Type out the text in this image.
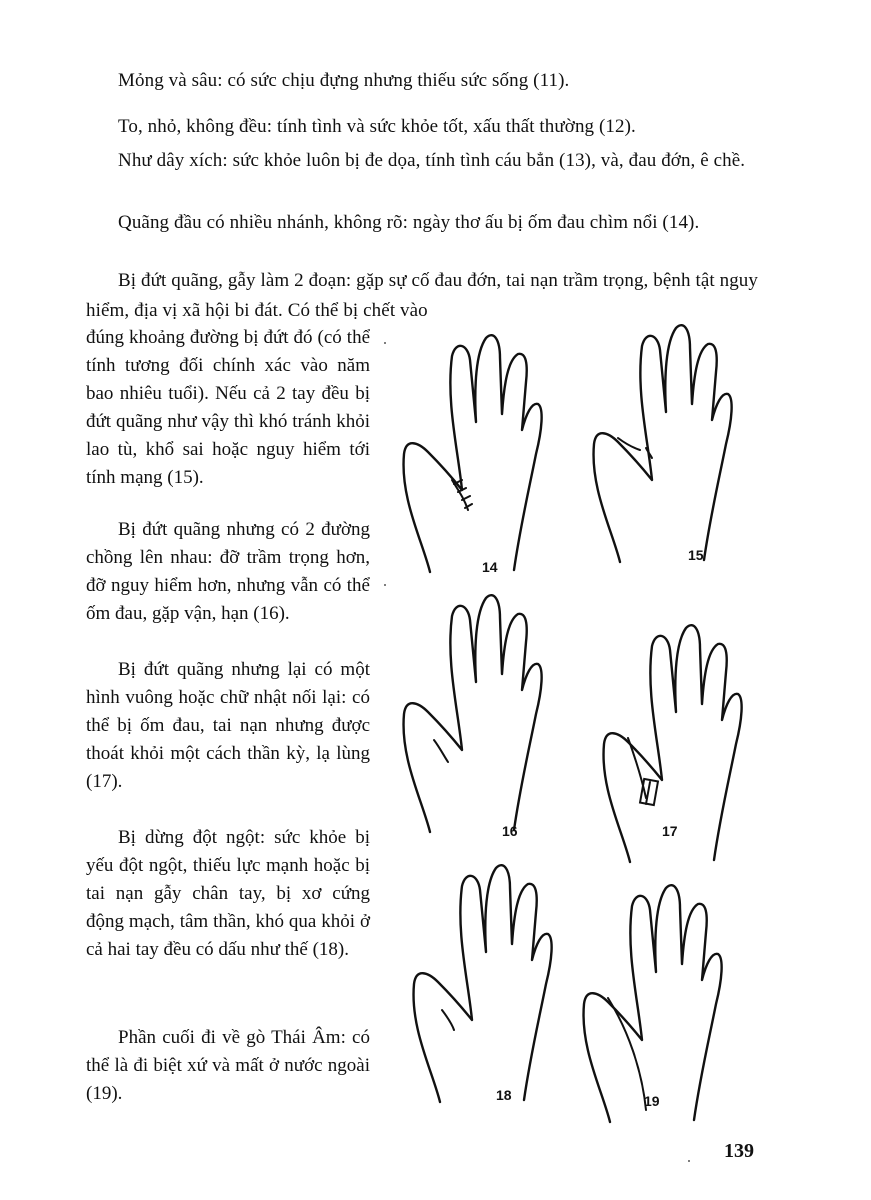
Mỏng và sâu: có sức chịu đựng nhưng thiếu sức sống (11).

To, nhỏ, không đều: tính tình và sức khỏe tốt, xấu thất thường (12).

Như dây xích: sức khỏe luôn bị đe dọa, tính tình cáu bẳn (13), và, đau đớn, ê chề.

Quãng đầu có nhiều nhánh, không rõ: ngày thơ ấu bị ốm đau chìm nổi (14).

Bị đứt quãng, gẫy làm 2 đoạn: gặp sự cố đau đớn, tai nạn trầm trọng, bệnh tật nguy hiểm, địa vị xã hội bi đát. Có thể bị chết vào

đúng khoảng đường bị đứt đó (có thể tính tương đối chính xác vào năm bao nhiêu tuổi). Nếu cả 2 tay đều bị đứt quãng như vậy thì khó tránh khỏi lao tù, khổ sai hoặc nguy hiểm tới tính mạng (15).

Bị đứt quãng nhưng có 2 đường chồng lên nhau: đỡ trầm trọng hơn, đỡ nguy hiểm hơn, nhưng vẫn có thể ốm đau, gặp vận, hạn (16).

Bị đứt quãng nhưng lại có một hình vuông hoặc chữ nhật nối lại: có thể bị ốm đau, tai nạn nhưng được thoát khỏi một cách thần kỳ, lạ lùng (17).

Bị dừng đột ngột: sức khỏe bị yếu đột ngột, thiếu lực mạnh hoặc bị tai nạn gẫy chân tay, bị xơ cứng động mạch, tâm thần, khó qua khỏi ở cả hai tay đều có dấu như thế (18).

Phần cuối đi về gò Thái Âm: có thể là đi biệt xứ và mất ở nước ngoài (19).

14
15
16	17
18	19
139
